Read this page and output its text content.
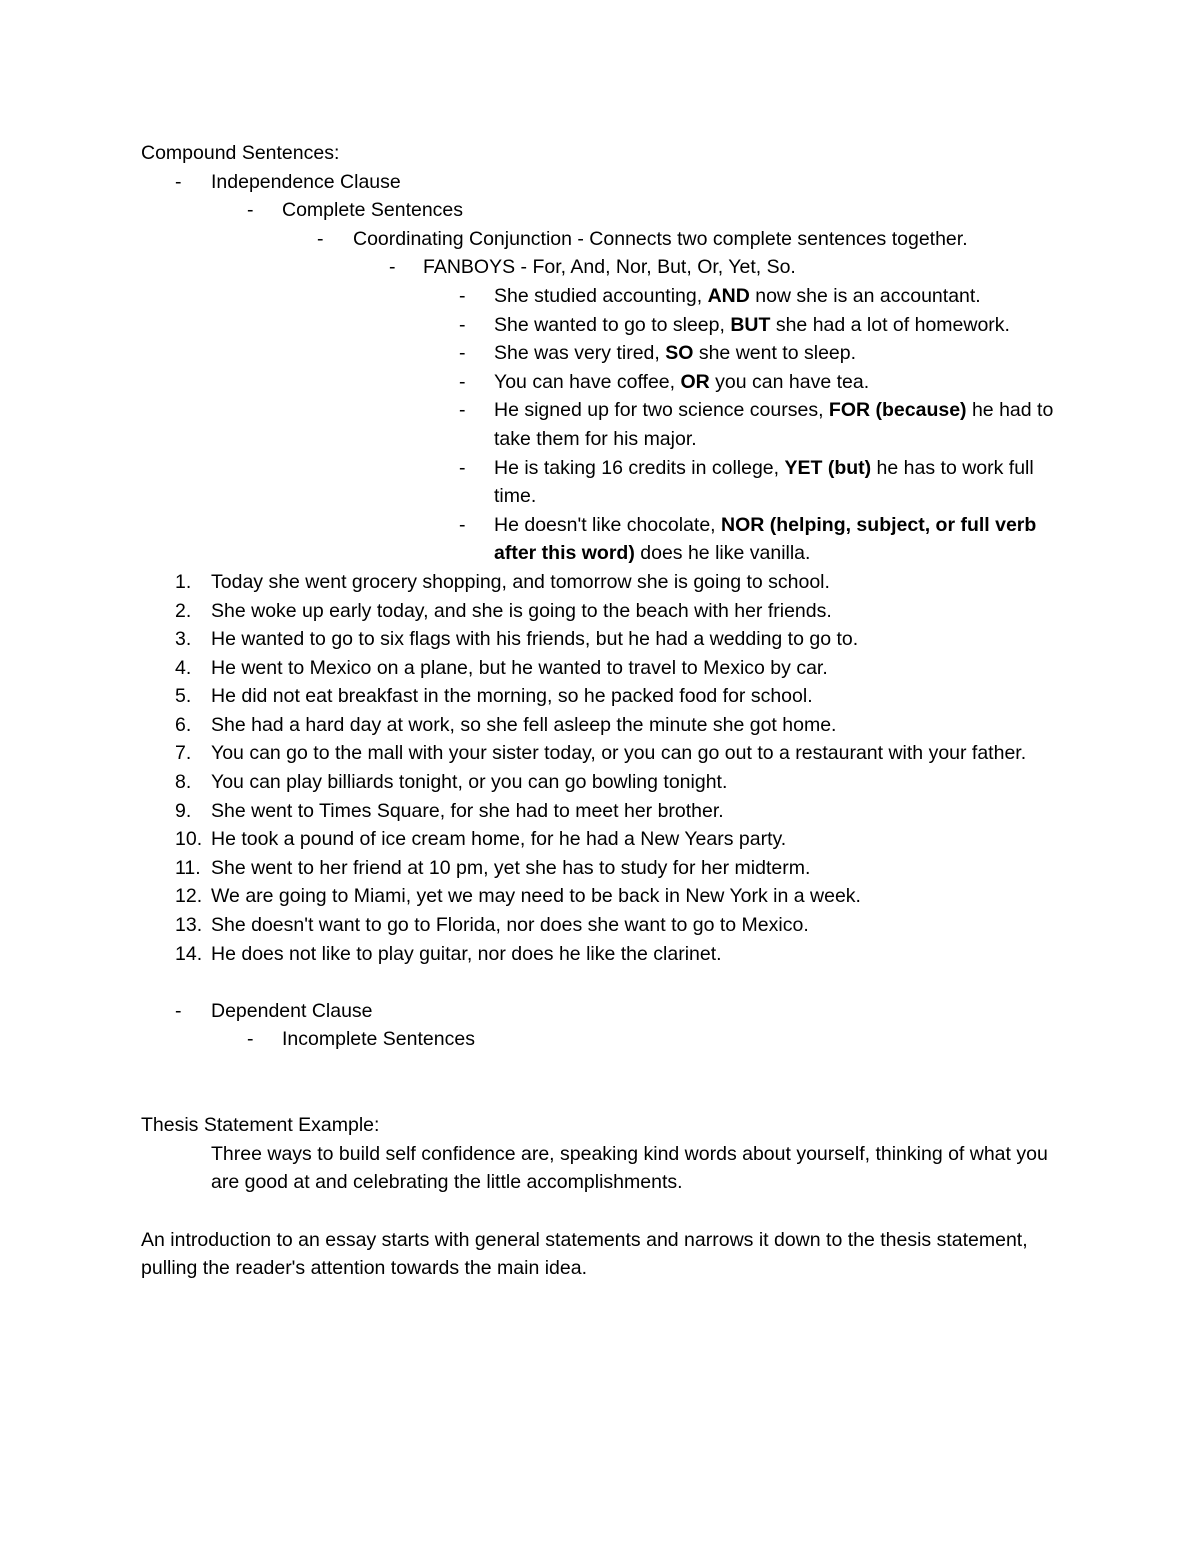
Compound Sentences:
- Independence Clause
- Complete Sentences
- Coordinating Conjunction - Connects two complete sentences together.
- FANBOYS - For, And, Nor, But, Or, Yet, So.
- She studied accounting, AND now she is an accountant.
- She wanted to go to sleep, BUT she had a lot of homework.
- She was very tired, SO she went to sleep.
- You can have coffee, OR you can have tea.
- He signed up for two science courses, FOR (because) he had to take them for his major.
- He is taking 16 credits in college, YET (but) he has to work full time.
- He doesn't like chocolate, NOR (helping, subject, or full verb after this word) does he like vanilla.
1. Today she went grocery shopping, and tomorrow she is going to school.
2. She woke up early today, and she is going to the beach with her friends.
3. He wanted to go to six flags with his friends, but he had a wedding to go to.
4. He went to Mexico on a plane, but he wanted to travel to Mexico by car.
5. He did not eat breakfast in the morning, so he packed food for school.
6. She had a hard day at work, so she fell asleep the minute she got home.
7. You can go to the mall with your sister today, or you can go out to a restaurant with your father.
8. You can play billiards tonight, or you can go bowling tonight.
9. She went to Times Square, for she had to meet her brother.
10. He took a pound of ice cream home, for he had a New Years party.
11. She went to her friend at 10 pm, yet she has to study for her midterm.
12. We are going to Miami, yet we may need to be back in New York in a week.
13. She doesn't want to go to Florida, nor does she want to go to Mexico.
14. He does not like to play guitar, nor does he like the clarinet.
- Dependent Clause
- Incomplete Sentences
Thesis Statement Example:
Three ways to build self confidence are, speaking kind words about yourself, thinking of what you are good at and celebrating the little accomplishments.
An introduction to an essay starts with general statements and narrows it down to the thesis statement, pulling the reader's attention towards the main idea.
